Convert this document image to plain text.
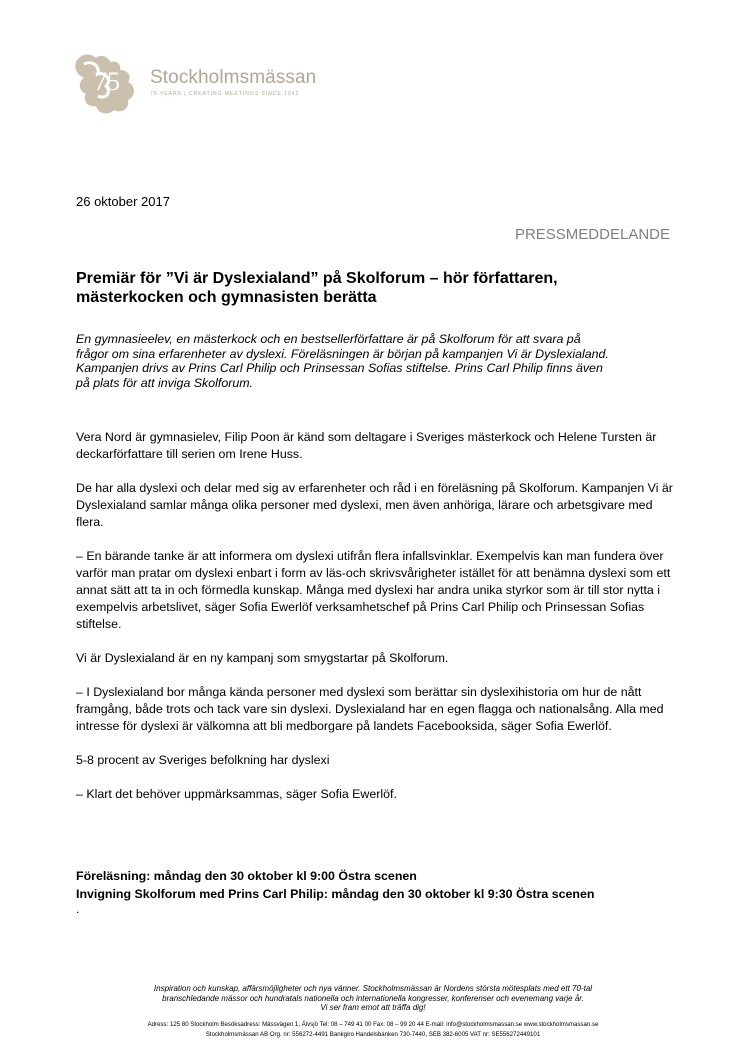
75 Stockholmsmässan
75 YEARS | CREATING MEETINGS SINCE 1942
26 oktober 2017
PRESSMEDDELANDE
Premiär för ”Vi är Dyslexialand” på Skolforum – hör författaren,
mästerkocken och gymnasisten berätta
En gymnasieelev, en mästerkock och en bestsellerförfattare är på Skolforum för att svara på
frågor om sina erfarenheter av dyslexi. Föreläsningen är början på kampanjen Vi är Dyslexialand.
Kampanjen drivs av Prins Carl Philip och Prinsessan Sofias stiftelse. Prins Carl Philip finns även
på plats för att inviga Skolforum.

Vera Nord är gymnasielev, Filip Poon är känd som deltagare i Sveriges mästerkock och Helene Tursten är deckarförfattare till serien om Irene Huss.

De har alla dyslexi och delar med sig av erfarenheter och råd i en föreläsning på Skolforum. Kampanjen Vi är Dyslexialand samlar många olika personer med dyslexi, men även anhöriga, lärare och arbetsgivare med flera.

– En bärande tanke är att informera om dyslexi utifrån flera infallsvinklar. Exempelvis kan man fundera över varför man pratar om dyslexi enbart i form av läs-och skrivsvårigheter istället för att benämna dyslexi som ett annat sätt att ta in och förmedla kunskap. Många med dyslexi har andra unika styrkor som är till stor nytta i exempelvis arbetslivet, säger Sofia Ewerlöf verksamhetschef på Prins Carl Philip och Prinsessan Sofias stiftelse.

Vi är Dyslexialand är en ny kampanj som smygstartar på Skolforum.

– I Dyslexialand bor många kända personer med dyslexi som berättar sin dyslexihistoria om hur de nått framgång, både trots och tack vare sin dyslexi. Dyslexialand har en egen flagga och nationalsång. Alla med intresse för dyslexi är välkomna att bli medborgare på landets Facebooksida, säger Sofia Ewerlöf.

5-8 procent av Sveriges befolkning har dyslexi

– Klart det behöver uppmärksammas, säger Sofia Ewerlöf.

Föreläsning: måndag den 30 oktober kl 9:00 Östra scenen

Invigning Skolforum med Prins Carl Philip: måndag den 30 oktober kl 9:30 Östra scenen

.

Inspiration och kunskap, affärsmöjligheter och nya vänner. Stockholmsmässan är Nordens största mötesplats med ett 70-tal
branschledande mässor och hundratals nationella och internationella kongresser, konferenser och evenemang varje år.
Vi ser fram emot att träffa dig!
Adress: 125 80 Stockholm Besöksadress: Mässvägen 1, Älvsjö Tel: 08 – 749 41 00 Fax: 08 – 99 20 44 E-mail: info@stockholmsmassan.se www.stockholmsmassan.se
Stockholmsmässan AB Org. nr: 556272-4491 Bankgiro Handelsbanken 730-7440, SEB 382-6005 VAT nr: SE556272449101
